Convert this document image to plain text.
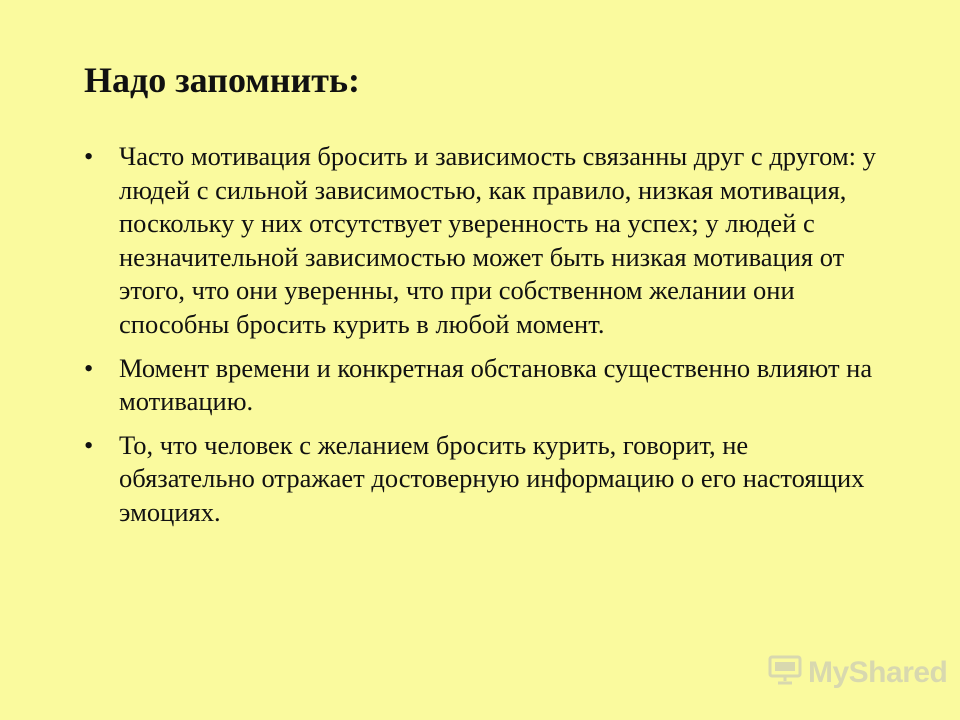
Надо запомнить:
• Часто мотивация бросить и зависимость связанны друг с другом: у людей с сильной зависимостью, как правило, низкая мотивация, поскольку у них отсутствует уверенность на успех; у людей с незначительной зависимостью может быть низкая мотивация от этого, что они уверенны, что при собственном желании они способны бросить курить в любой момент.
• Момент времени и конкретная обстановка существенно влияют на мотивацию.
• То, что человек с желанием бросить курить, говорит, не обязательно отражает достоверную информацию о его настоящих эмоциях.
MyShared
